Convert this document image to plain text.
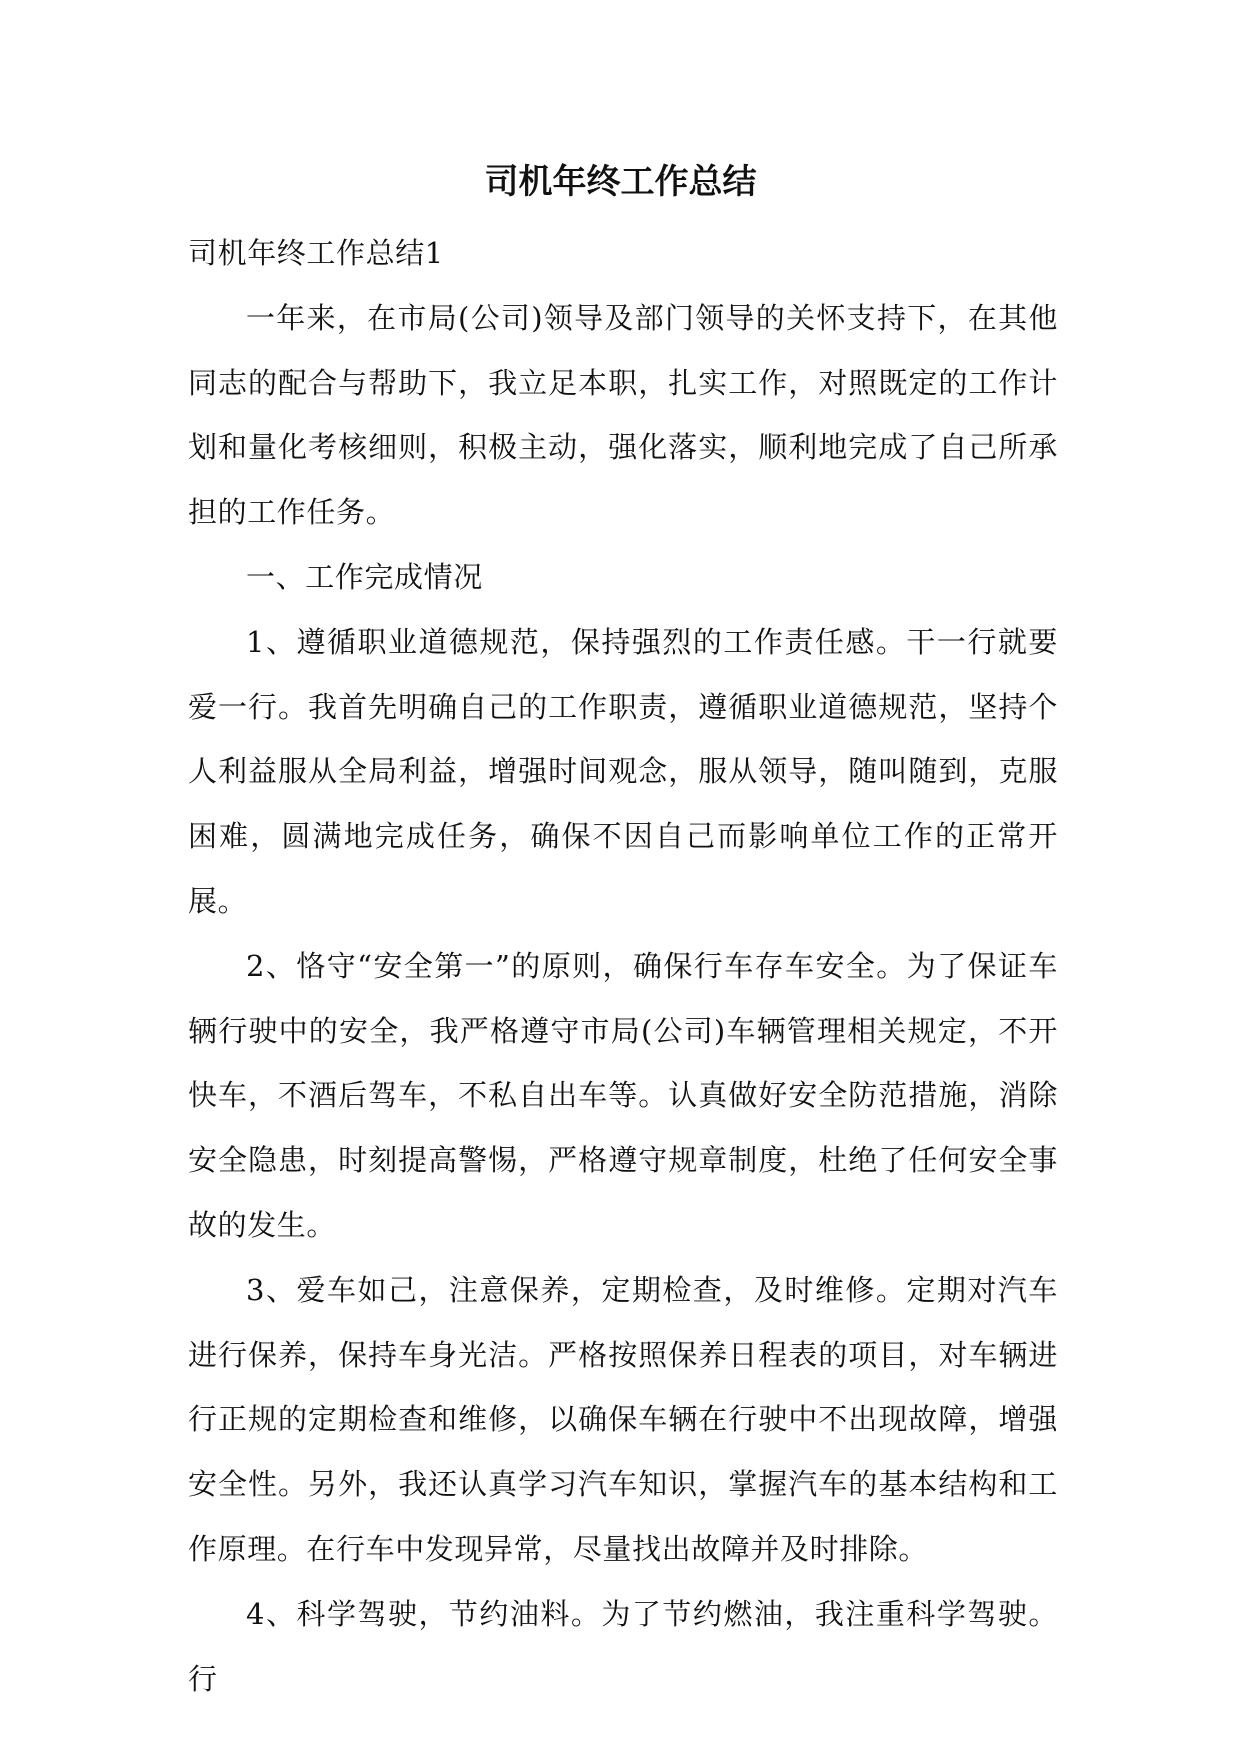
司机年终工作总结

司机年终工作总结1

一年来，在市局(公司)领导及部门领导的关怀支持下，在其他同志的配合与帮助下，我立足本职，扎实工作，对照既定的工作计划和量化考核细则，积极主动，强化落实，顺利地完成了自己所承担的工作任务。

一、工作完成情况

1、遵循职业道德规范，保持强烈的工作责任感。干一行就要爱一行。我首先明确自己的工作职责，遵循职业道德规范，坚持个人利益服从全局利益，增强时间观念，服从领导，随叫随到，克服困难，圆满地完成任务，确保不因自己而影响单位工作的正常开展。

2、恪守“安全第一”的原则，确保行车存车安全。为了保证车辆行驶中的安全，我严格遵守市局(公司)车辆管理相关规定，不开快车，不酒后驾车，不私自出车等。认真做好安全防范措施，消除安全隐患，时刻提高警惕，严格遵守规章制度，杜绝了任何安全事故的发生。

3、爱车如己，注意保养，定期检查，及时维修。定期对汽车进行保养，保持车身光洁。严格按照保养日程表的项目，对车辆进行正规的定期检查和维修，以确保车辆在行驶中不出现故障，增强安全性。另外，我还认真学习汽车知识，掌握汽车的基本结构和工作原理。在行车中发现异常，尽量找出故障并及时排除。

4、科学驾驶，节约油料。为了节约燃油，我注重科学驾驶。行
